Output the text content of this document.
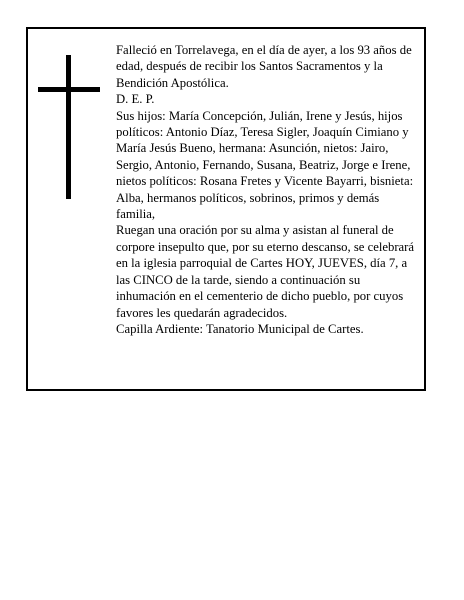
Falleció en Torrelavega, en el día de ayer, a los 93 años de edad, después de recibir los Santos Sacramentos y la Bendición Apostólica.

D. E. P.

Sus hijos: María Concepción, Julián, Irene y Jesús, hijos políticos: Antonio Díaz, Teresa Sigler, Joaquín Cimiano y María Jesús Bueno, hermana: Asunción, nietos: Jairo, Sergio, Antonio, Fernando, Susana, Beatriz, Jorge e Irene, nietos políticos: Rosana Fretes y Vicente Bayarri, bisnieta: Alba, hermanos políticos, sobrinos, primos y demás familia,

Ruegan una oración por su alma y asistan al funeral de corpore insepulto que, por su eterno descanso, se celebrará en la iglesia parroquial de Cartes HOY, JUEVES, día 7, a las CINCO de la tarde, siendo a continuación su inhumación en el cementerio de dicho pueblo, por cuyos favores les quedarán agradecidos.

Capilla Ardiente: Tanatorio Municipal de Cartes.
